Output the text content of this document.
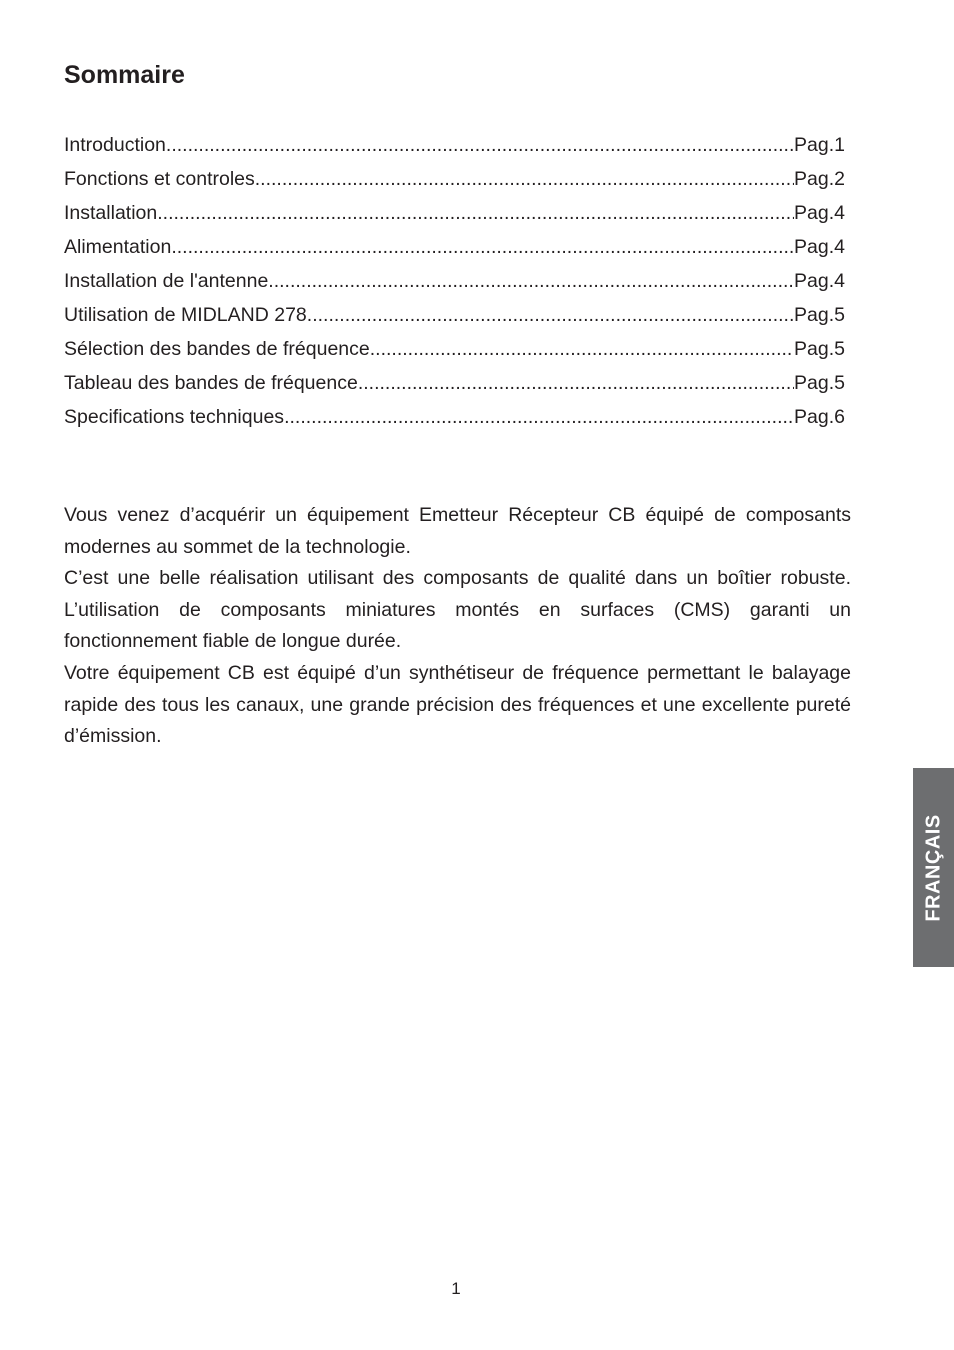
Sommaire
Introduction .....	Pag.1
Fonctions et controles .....	Pag.2
Installation .....	Pag.4
Alimentation .....	Pag.4
Installation de l'antenne .....	Pag.4
Utilisation de MIDLAND 278 .....	Pag.5
Sélection des bandes de fréquence .....	Pag.5
Tableau des bandes de fréquence .....	Pag.5
Specifications techniques .....	Pag.6

Vous venez d’acquérir un équipement Emetteur Récepteur CB équipé de composants modernes au sommet de la technologie.

C’est une belle réalisation utilisant des composants de qualité dans un boîtier robuste. L’utilisation de composants miniatures montés en surfaces (CMS) garanti un fonctionnement fiable de longue durée.

Votre équipement CB est équipé d’un synthétiseur de fréquence permettant le balayage rapide des tous les canaux, une grande précision des fréquences et une excellente pureté d’émission.

FRANÇAIS
1
